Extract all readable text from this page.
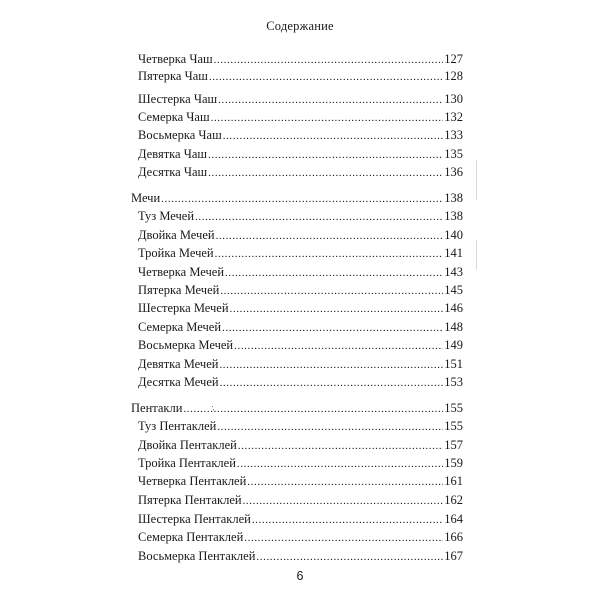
Содержание
Четверка Чаш .....	127
Пятерка Чаш .....	128
Шестерка Чаш .....	130
Семерка Чаш .....	132
Восьмерка Чаш .....	133
Девятка Чаш .....	135
Десятка Чаш .....	136
Мечи .....	138
Туз Мечей .....	138
Двойка Мечей .....	140
Тройка Мечей .....	141
Четверка Мечей .....	143
Пятерка Мечей .....	145
Шестерка Мечей .....	146
Семерка Мечей .....	148
Восьмерка Мечей .....	149
Девятка Мечей .....	151
Десятка Мечей .....	153
Пентакли .....	155
Туз Пентаклей .....	155
Двойка Пентаклей .....	157
Тройка Пентаклей .....	159
Четверка Пентаклей .....	161
Пятерка Пентаклей .....	162
Шестерка Пентаклей .....	164
Семерка Пентаклей .....	166
Восьмерка Пентаклей .....	167
6
